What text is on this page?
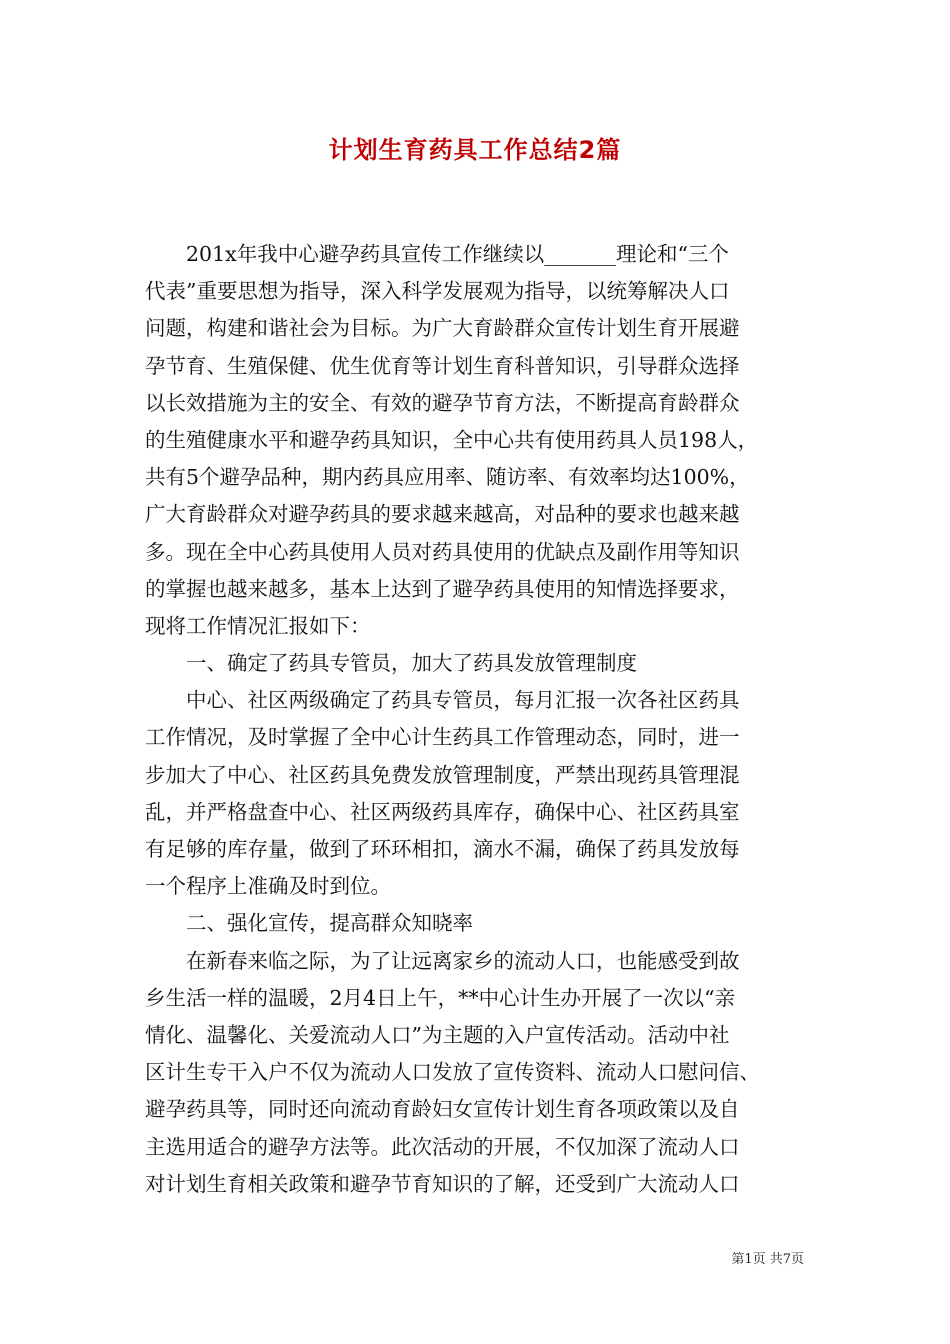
计划生育药具工作总结2篇
201x年我中心避孕药具宣传工作继续以_______理论和“三个
代表”重要思想为指导，深入科学发展观为指导，以统筹解决人口
问题，构建和谐社会为目标。为广大育龄群众宣传计划生育开展避
孕节育、生殖保健、优生优育等计划生育科普知识，引导群众选择
以长效措施为主的安全、有效的避孕节育方法，不断提高育龄群众
的生殖健康水平和避孕药具知识，全中心共有使用药具人员198人，
共有5个避孕品种，期内药具应用率、随访率、有效率均达100%，
广大育龄群众对避孕药具的要求越来越高，对品种的要求也越来越
多。现在全中心药具使用人员对药具使用的优缺点及副作用等知识
的掌握也越来越多，基本上达到了避孕药具使用的知情选择要求，
现将工作情况汇报如下：
一、确定了药具专管员，加大了药具发放管理制度
中心、社区两级确定了药具专管员，每月汇报一次各社区药具
工作情况，及时掌握了全中心计生药具工作管理动态，同时，进一
步加大了中心、社区药具免费发放管理制度，严禁出现药具管理混
乱，并严格盘查中心、社区两级药具库存，确保中心、社区药具室
有足够的库存量，做到了环环相扣，滴水不漏，确保了药具发放每
一个程序上准确及时到位。
二、强化宣传，提高群众知晓率
在新春来临之际，为了让远离家乡的流动人口，也能感受到故
乡生活一样的温暖，2月4日上午，**中心计生办开展了一次以“亲
情化、温馨化、关爱流动人口”为主题的入户宣传活动。活动中社
区计生专干入户不仅为流动人口发放了宣传资料、流动人口慰问信、
避孕药具等，同时还向流动育龄妇女宣传计划生育各项政策以及自
主选用适合的避孕方法等。此次活动的开展，不仅加深了流动人口
对计划生育相关政策和避孕节育知识的了解，还受到广大流动人口
第1页 共7页
